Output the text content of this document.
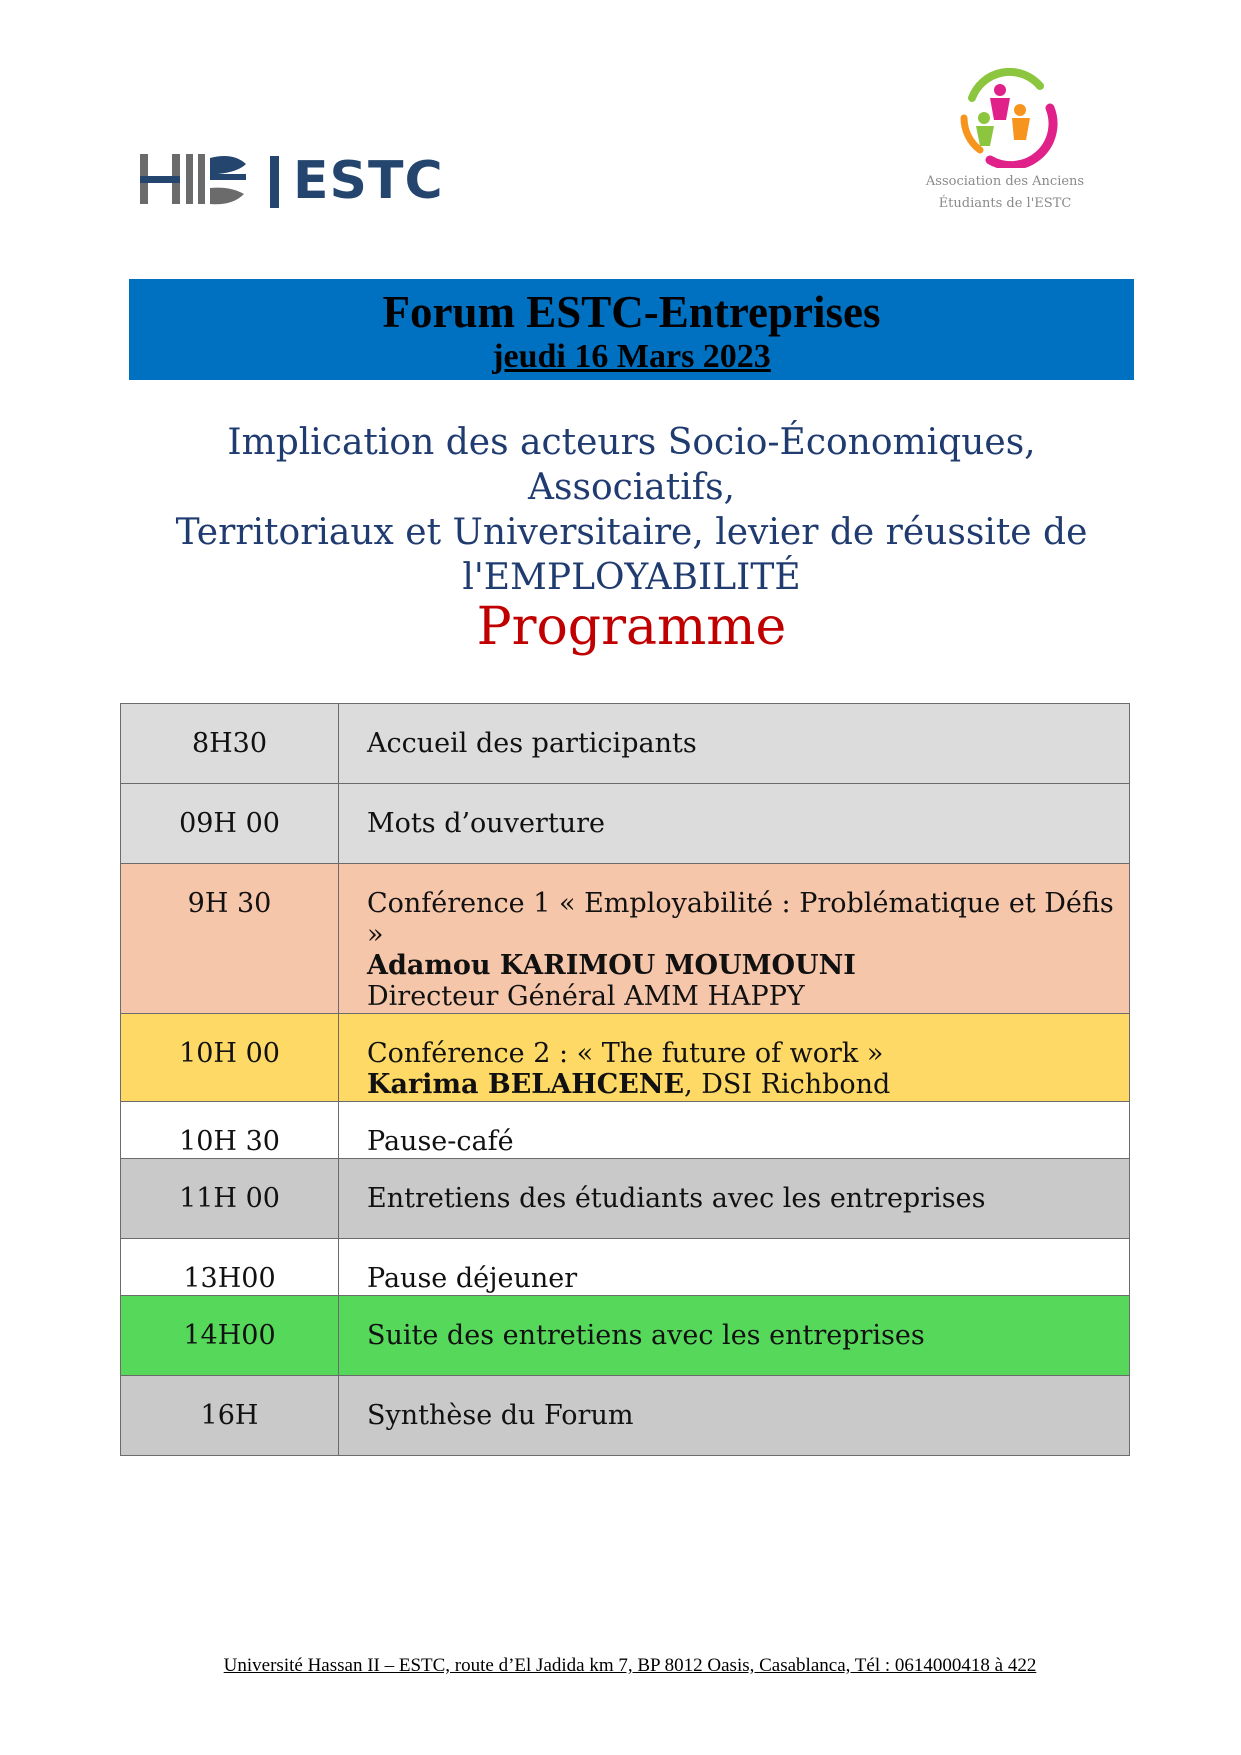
ESTC	Association des Anciens
Étudiants de l'ESTC
Forum ESTC-Entreprises
jeudi 16 Mars 2023
Implication des acteurs Socio-Économiques, Associatifs,
Territoriaux et Universitaire, levier de réussite de
l'EMPLOYABILITÉ
Programme
8H30	Accueil des participants

09H 00	Mots d’ouverture

9H 30	Conférence 1 « Employabilité : Problématique et Défis »
Adamou KARIMOU MOUMOUNI
Directeur Général AMM HAPPY

10H 00	Conférence 2 : « The future of work »
Karima BELAHCENE, DSI Richbond

10H 30	Pause-café

11H 00	Entretiens des étudiants avec les entreprises

13H00	Pause déjeuner

14H00	Suite des entretiens avec les entreprises

16H	Synthèse du Forum
Université Hassan II – ESTC, route d’El Jadida km 7, BP 8012 Oasis, Casablanca, Tél : 0614000418 à 422
